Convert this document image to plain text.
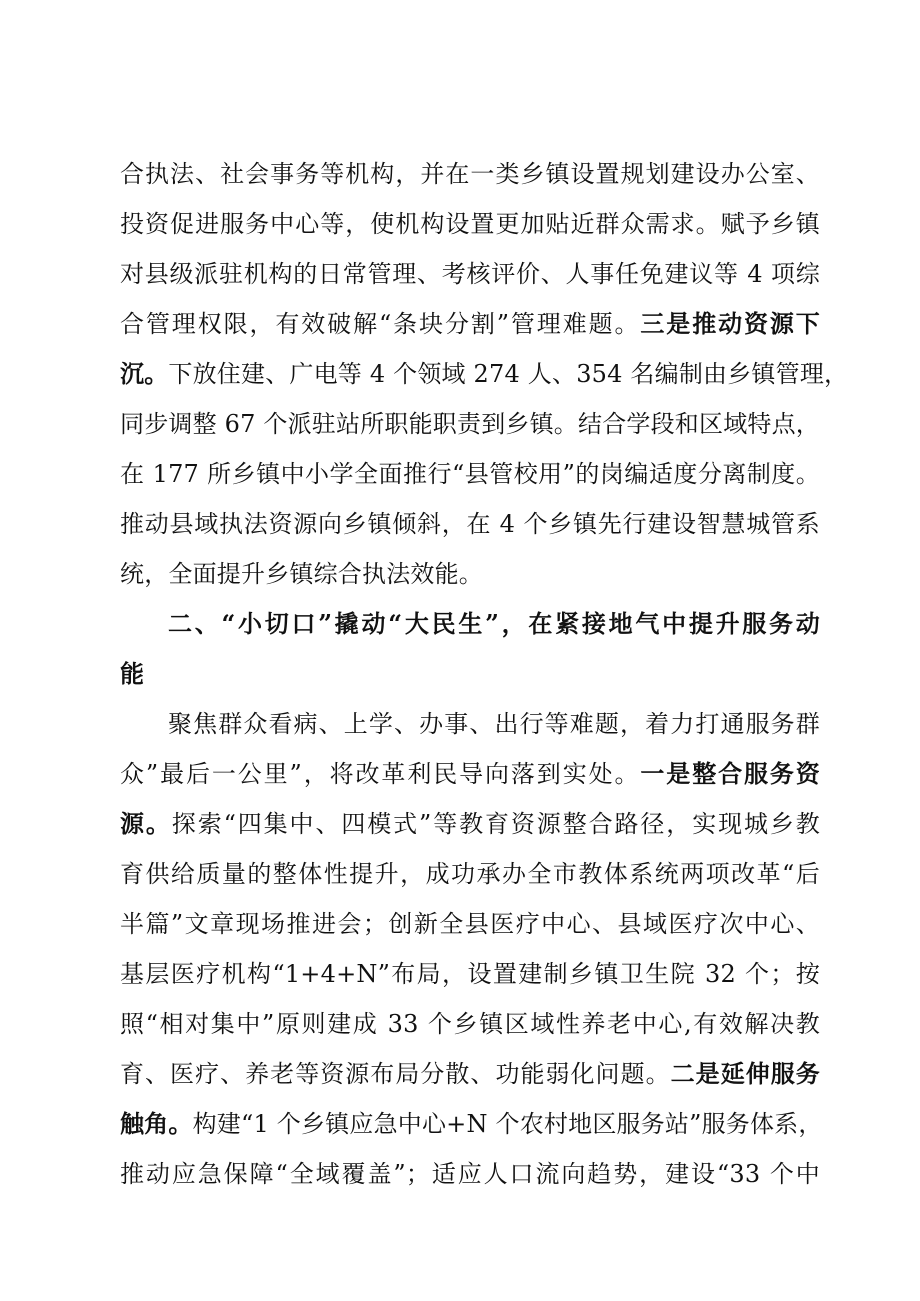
合执法、社会事务等机构，并在一类乡镇设置规划建设办公室、
投资促进服务中心等，使机构设置更加贴近群众需求。赋予乡镇
对县级派驻机构的日常管理、考核评价、人事任免建议等 4 项综
合管理权限，有效破解“条块分割”管理难题。三是推动资源下
沉。下放住建、广电等 4 个领域 274 人、354 名编制由乡镇管理，
同步调整 67 个派驻站所职能职责到乡镇。结合学段和区域特点，
在 177 所乡镇中小学全面推行“县管校用”的岗编适度分离制度。
推动县域执法资源向乡镇倾斜，在 4 个乡镇先行建设智慧城管系
统，全面提升乡镇综合执法效能。
二、“小切口”撬动“大民生”，在紧接地气中提升服务动
能
聚焦群众看病、上学、办事、出行等难题，着力打通服务群
众”最后一公里”，将改革利民导向落到实处。一是整合服务资
源。探索“四集中、四模式”等教育资源整合路径，实现城乡教
育供给质量的整体性提升，成功承办全市教体系统两项改革“后
半篇”文章现场推进会；创新全县医疗中心、县域医疗次中心、
基层医疗机构“1+4+N”布局，设置建制乡镇卫生院 32 个；按
照“相对集中”原则建成 33 个乡镇区域性养老中心,有效解决教
育、医疗、养老等资源布局分散、功能弱化问题。二是延伸服务
触角。构建“1 个乡镇应急中心+N 个农村地区服务站”服务体系，
推动应急保障“全域覆盖”；适应人口流向趋势，建设“33 个中
